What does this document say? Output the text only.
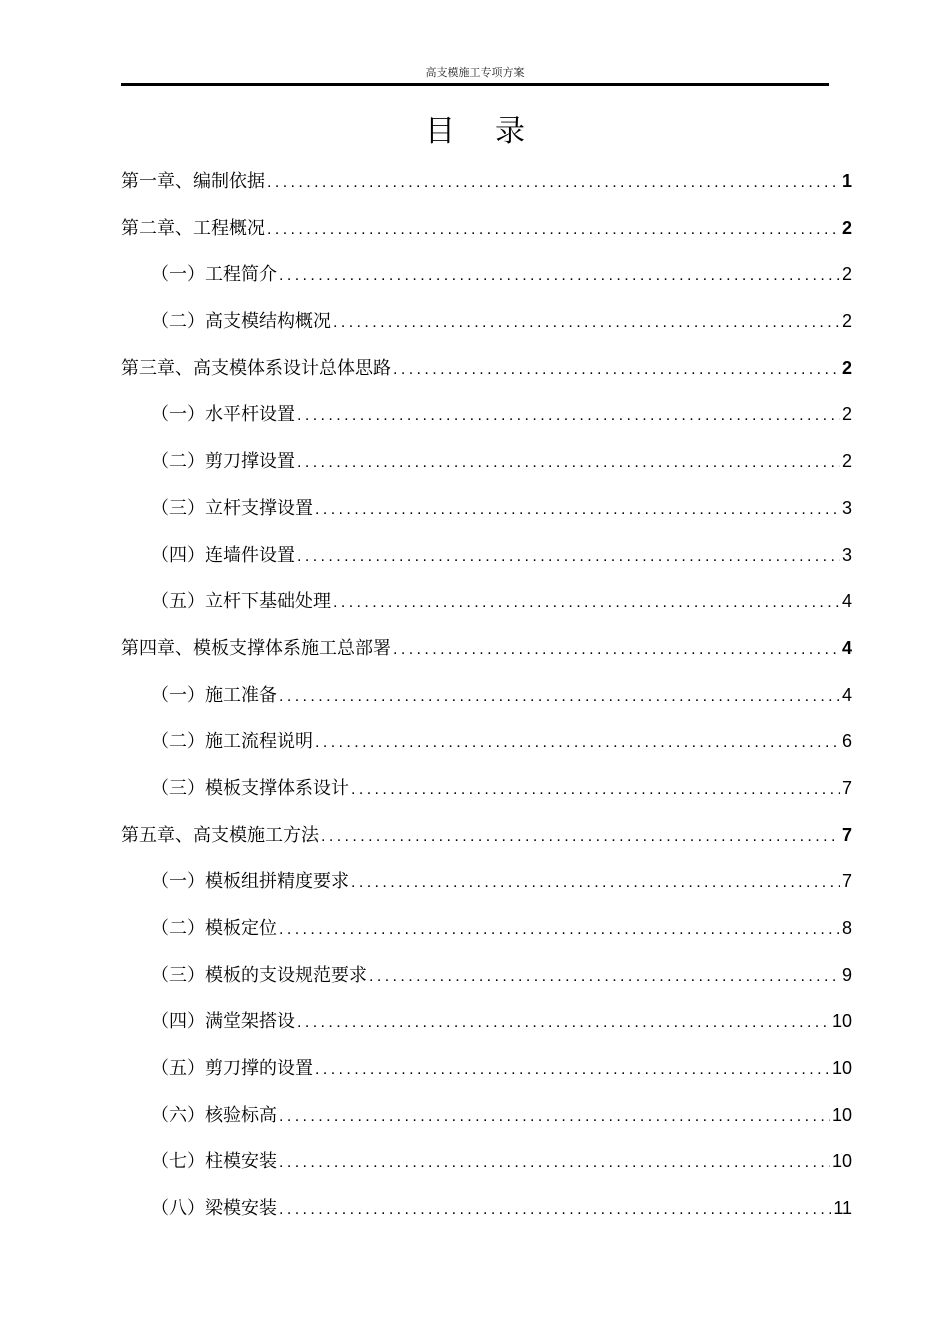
高支模施工专项方案
目录
第一章、编制依据 .....	1
第二章、工程概况 .....	2
（一）工程简介 .....	2
（二）高支模结构概况 .....	2
第三章、高支模体系设计总体思路 .....	2
（一）水平杆设置 .....	2
（二）剪刀撑设置 .....	2
（三）立杆支撑设置 .....	3
（四）连墙件设置 .....	3
（五）立杆下基础处理 .....	4
第四章、模板支撑体系施工总部署 .....	4
（一）施工准备 .....	4
（二）施工流程说明 .....	6
（三）模板支撑体系设计 .....	7
第五章、高支模施工方法 .....	7
（一）模板组拼精度要求 .....	7
（二）模板定位 .....	8
（三）模板的支设规范要求 .....	9
（四）满堂架搭设 .....	10
（五）剪刀撑的设置 .....	10
（六）核验标高 .....	10
（七）柱模安装 .....	10
（八）梁模安装 .....	11
